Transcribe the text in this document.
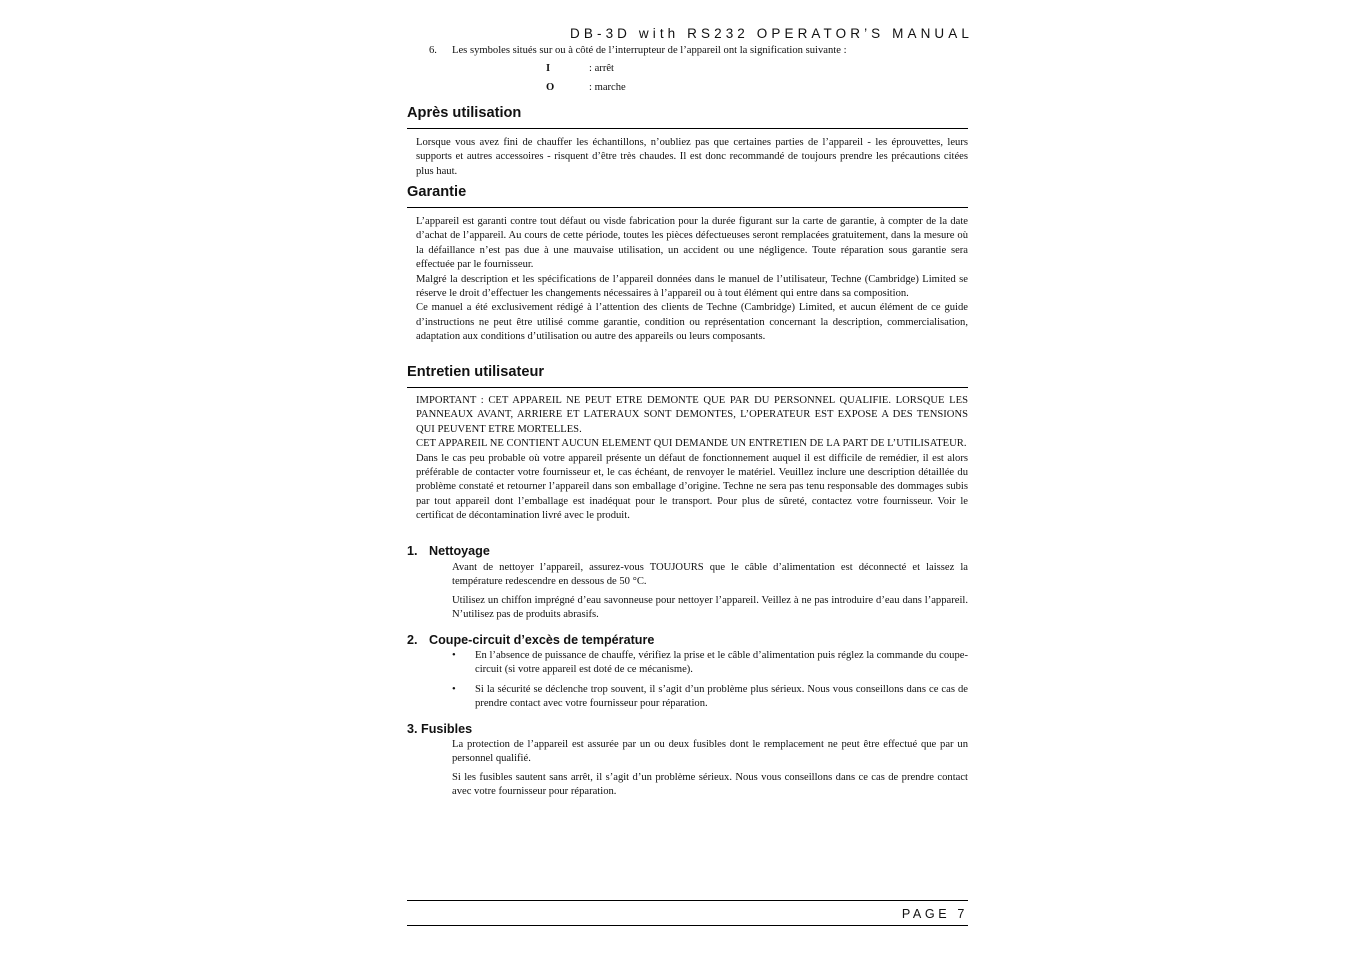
DB-3D with RS232 OPERATOR’S MANUAL
6. Les symboles situés sur ou à côté de l’interrupteur de l’appareil ont la signification suivante :
I	: arrêt
O	: marche
Après utilisation

Lorsque vous avez fini de chauffer les échantillons, n’oubliez pas que certaines parties de l’appareil - les éprouvettes, leurs supports et autres accessoires - risquent d’être très chaudes. Il est donc recommandé de toujours prendre les précautions citées plus haut.

Garantie

L’appareil est garanti contre tout défaut ou visde fabrication pour la durée figurant sur la carte de garantie, à compter de la date d’achat de l’appareil. Au cours de cette période, toutes les pièces défectueuses seront remplacées gratuitement, dans la mesure où la défaillance n’est pas due à une mauvaise utilisation, un accident ou une négligence. Toute réparation sous garantie sera effectuée par le fournisseur.

Malgré la description et les spécifications de l’appareil données dans le manuel de l’utilisateur, Techne (Cambridge) Limited se réserve le droit d’effectuer les changements nécessaires à l’appareil ou à tout élément qui entre dans sa composition.

Ce manuel a été exclusivement rédigé à l’attention des clients de Techne (Cambridge) Limited, et aucun élément de ce guide d’instructions ne peut être utilisé comme garantie, condition ou représentation concernant la description, commercialisation, adaptation aux conditions d’utilisation ou autre des appareils ou leurs composants.

Entretien utilisateur

IMPORTANT : CET APPAREIL NE PEUT ETRE DEMONTE QUE PAR DU PERSONNEL QUALIFIE. LORSQUE LES PANNEAUX AVANT, ARRIERE ET LATERAUX SONT DEMONTES, L’OPERATEUR EST EXPOSE A DES TENSIONS QUI PEUVENT ETRE MORTELLES.

CET APPAREIL NE CONTIENT AUCUN ELEMENT QUI DEMANDE UN ENTRETIEN DE LA PART DE L’UTILISATEUR.

Dans le cas peu probable où votre appareil présente un défaut de fonctionnement auquel il est difficile de remédier, il est alors préférable de contacter votre fournisseur et, le cas échéant, de renvoyer le matériel. Veuillez inclure une description détaillée du problème constaté et retourner l’appareil dans son emballage d’origine. Techne ne sera pas tenu responsable des dommages subis par tout appareil dont l’emballage est inadéquat pour le transport. Pour plus de sûreté, contactez votre fournisseur. Voir le certificat de décontamination livré avec le produit.

1. Nettoyage

Avant de nettoyer l’appareil, assurez-vous TOUJOURS que le câble d’alimentation est déconnecté et laissez la température redescendre en dessous de 50 °C.

Utilisez un chiffon imprégné d’eau savonneuse pour nettoyer l’appareil. Veillez à ne pas introduire d’eau dans l’appareil. N’utilisez pas de produits abrasifs.

2. Coupe-circuit d’excès de température
• En l’absence de puissance de chauffe, vérifiez la prise et le câble d’alimentation puis réglez la commande du coupe-circuit (si votre appareil est doté de ce mécanisme).
• Si la sécurité se déclenche trop souvent, il s’agit d’un problème plus sérieux. Nous vous conseillons dans ce cas de prendre contact avec votre fournisseur pour réparation.
3. Fusibles

La protection de l’appareil est assurée par un ou deux fusibles dont le remplacement ne peut être effectué que par un personnel qualifié.

Si les fusibles sautent sans arrêt, il s’agit d’un problème sérieux. Nous vous conseillons dans ce cas de prendre contact avec votre fournisseur pour réparation.

PAGE 7
